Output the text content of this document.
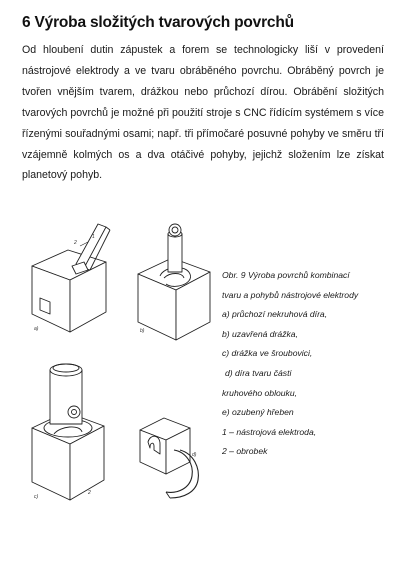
6 Výroba složitých tvarových povrchů
Od hloubení dutin zápustek a forem se technologicky liší v provedení nástrojové elektrody a ve tvaru obráběného povrchu. Obráběný povrch je tvořen vnějším tvarem, drážkou nebo průchozí dírou. Obrábění složitých tvarových povrchů je možné při použití stroje s CNC řídícím systémem s více řízenými souřadnými osami; např. tři přímočaré posuvné pohyby ve směru tří vzájemně kolmých os a dva otáčivé pohyby, jejichž složením lze získat planetový pohyb.
2
1
a)	b)
c)
2
d)
Obr. 9 Výroba povrchů kombinací
tvaru a pohybů nástrojové elektrody
a) průchozí nekruhová díra,
b) uzavřená drážka,
c) drážka ve šroubovici,
d) díra tvaru části
kruhového oblouku,
e) ozubený hřeben
1 – nástrojová elektroda,
2 – obrobek
